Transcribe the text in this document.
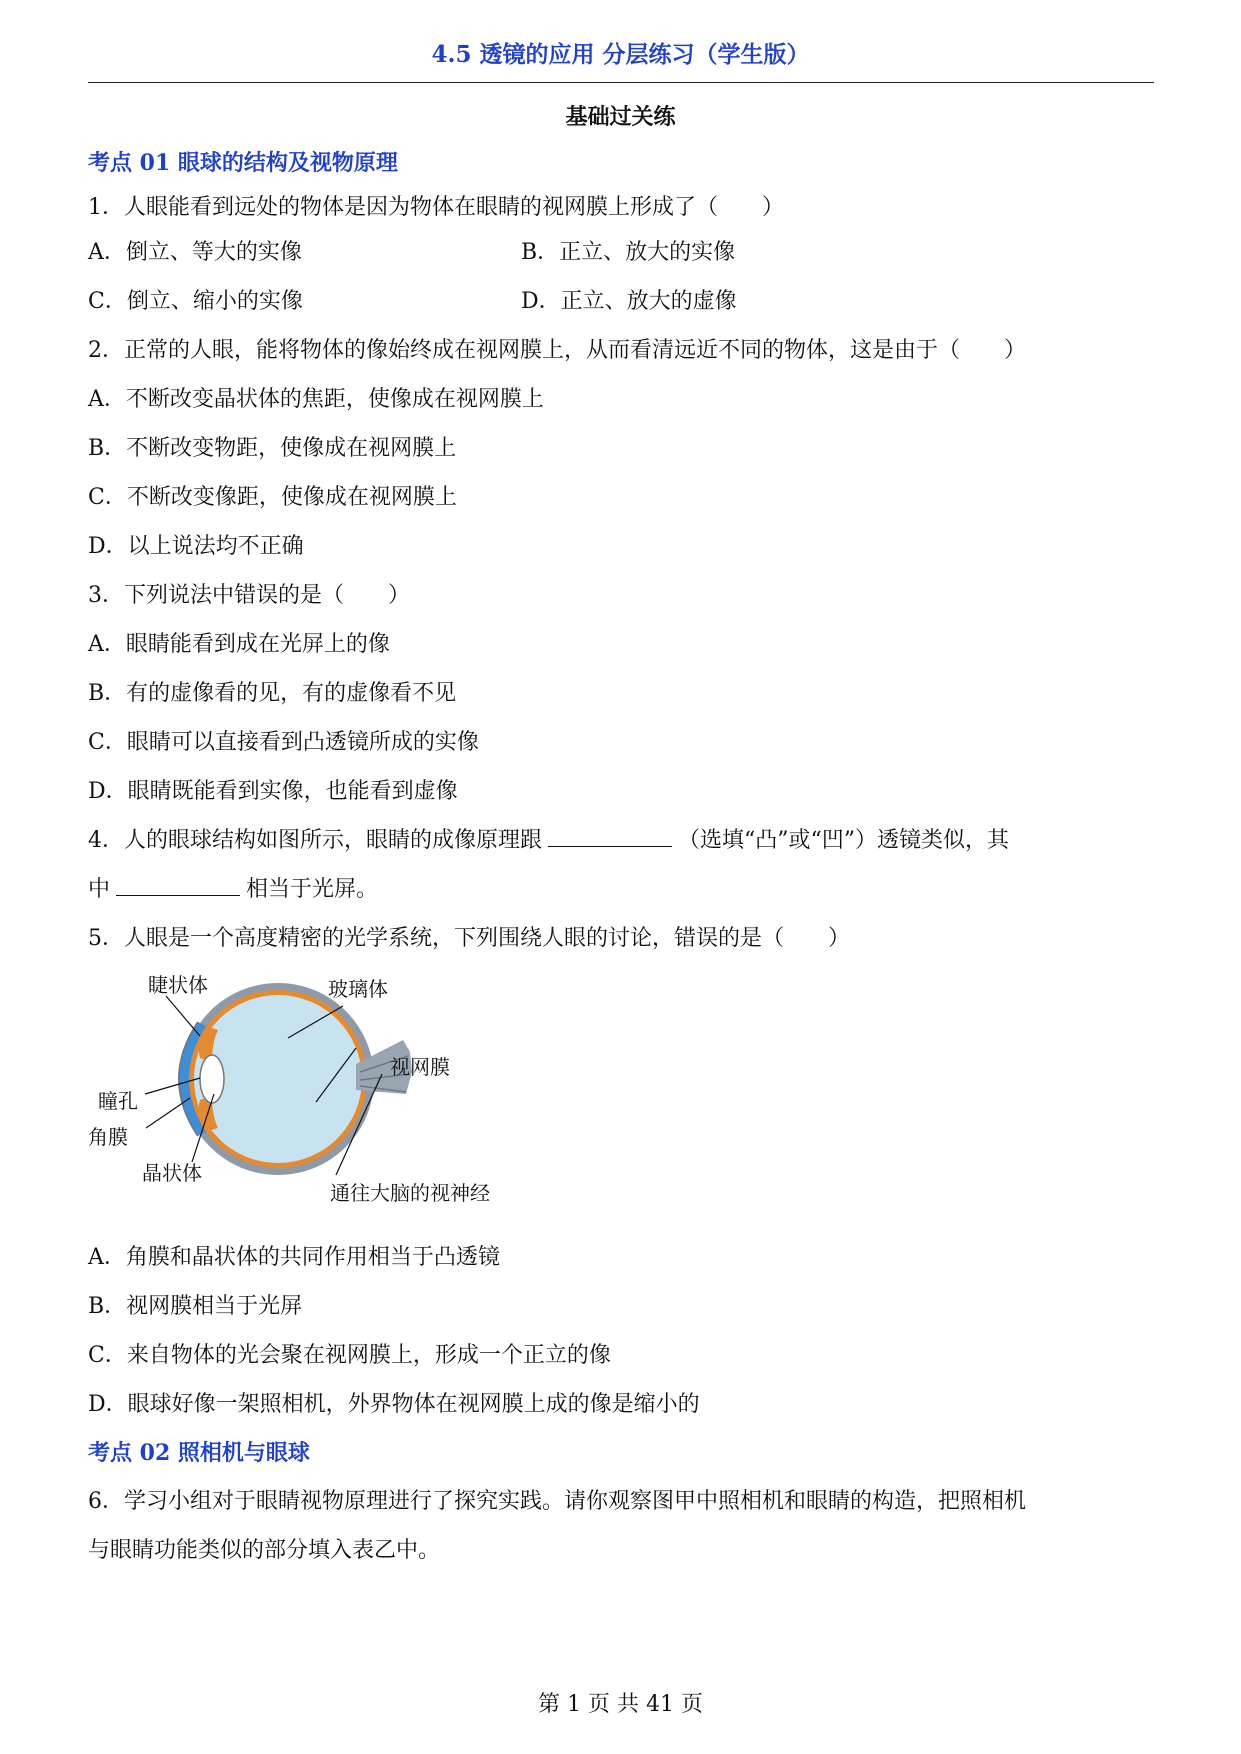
4.5 透镜的应用 分层练习（学生版）
基础过关练
考点 01 眼球的结构及视物原理
1．人眼能看到远处的物体是因为物体在眼睛的视网膜上形成了（　　）
A．倒立、等大的实像	B．正立、放大的实像
C．倒立、缩小的实像	D．正立、放大的虚像
2．正常的人眼，能将物体的像始终成在视网膜上，从而看清远近不同的物体，这是由于（　　）
A．不断改变晶状体的焦距，使像成在视网膜上
B．不断改变物距，使像成在视网膜上
C．不断改变像距，使像成在视网膜上
D．以上说法均不正确
3．下列说法中错误的是（　　）
A．眼睛能看到成在光屏上的像
B．有的虚像看的见，有的虚像看不见
C．眼睛可以直接看到凸透镜所成的实像
D．眼睛既能看到实像，也能看到虚像
4．人的眼球结构如图所示，眼睛的成像原理跟	（选填“凸”或“凹”）透镜类似，其
中	相当于光屏。
5．人眼是一个高度精密的光学系统，下列围绕人眼的讨论，错误的是（　　）
睫状体	玻璃体
视网膜
瞳孔
角膜
晶状体
通往大脑的视神经
A．角膜和晶状体的共同作用相当于凸透镜
B．视网膜相当于光屏
C．来自物体的光会聚在视网膜上，形成一个正立的像
D．眼球好像一架照相机，外界物体在视网膜上成的像是缩小的
考点 02 照相机与眼球
6．学习小组对于眼睛视物原理进行了探究实践。请你观察图甲中照相机和眼睛的构造，把照相机
与眼睛功能类似的部分填入表乙中。
第 1 页 共 41 页
